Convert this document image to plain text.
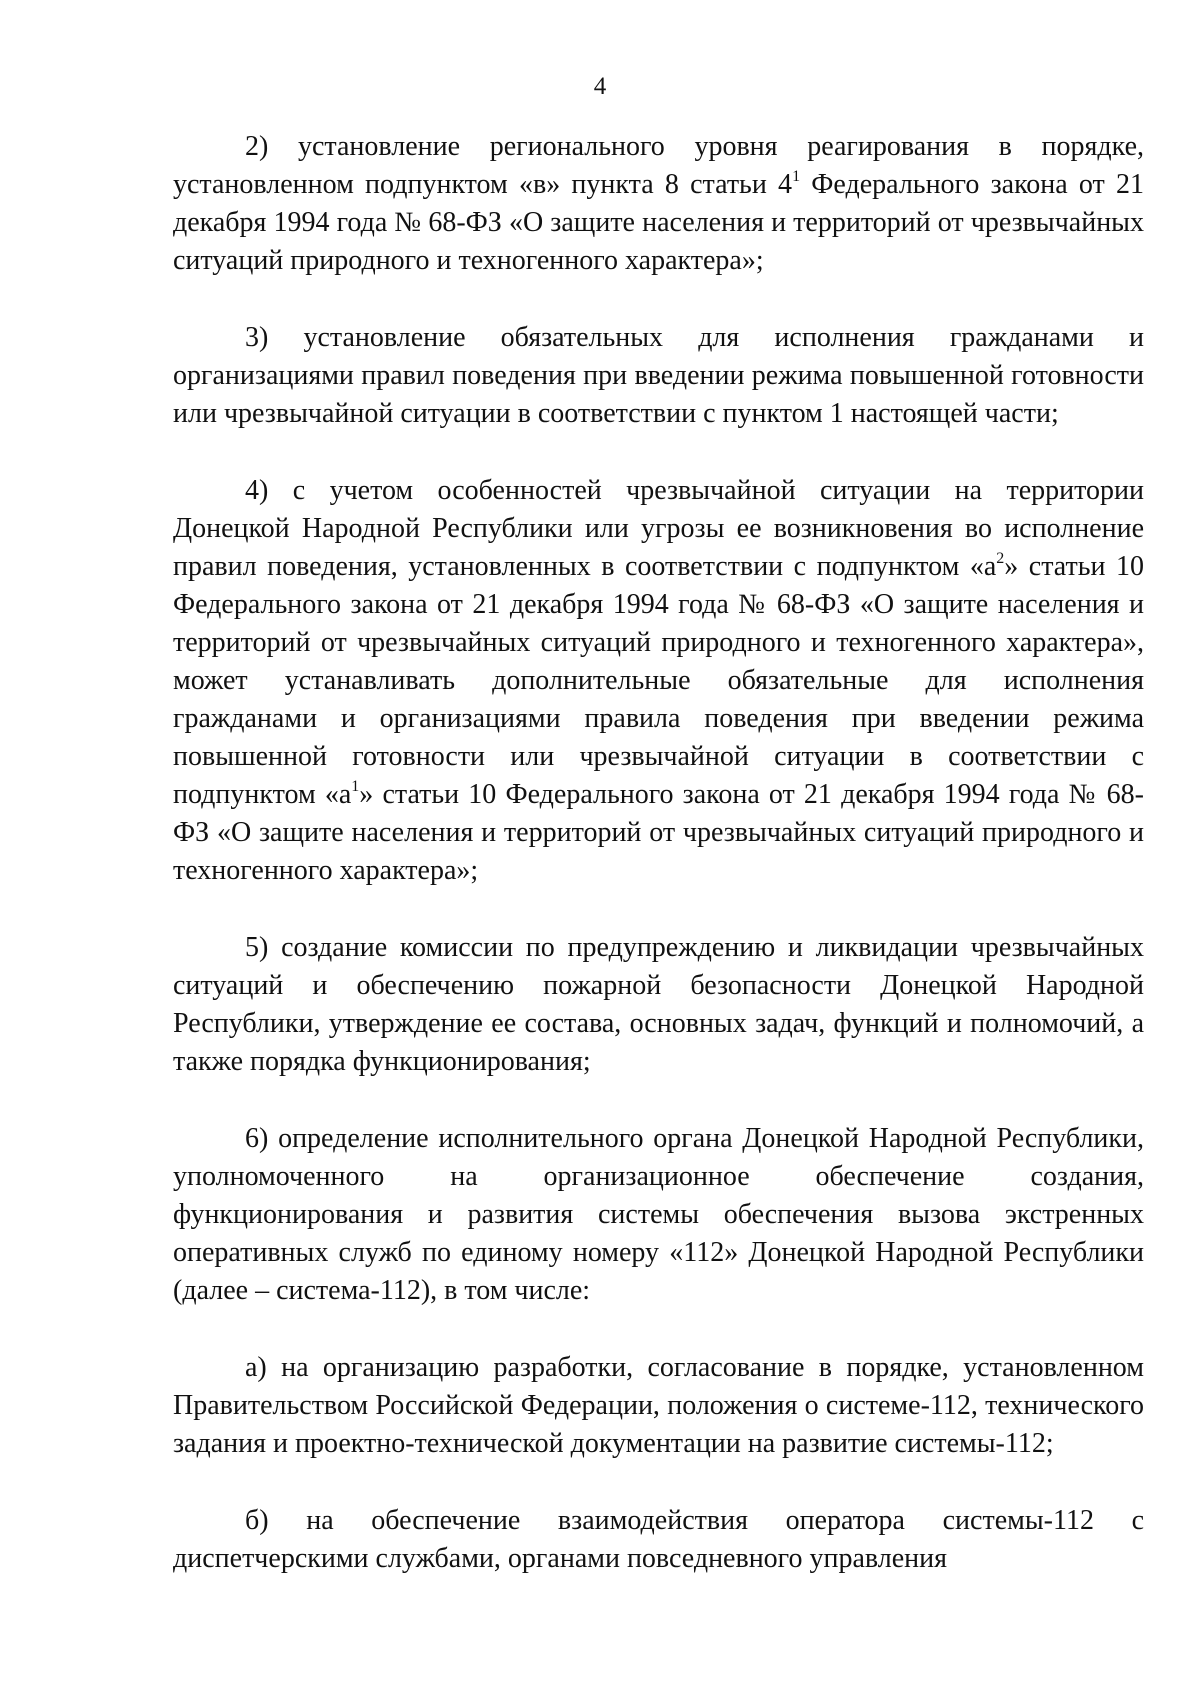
4

2) установление регионального уровня реагирования в порядке, установленном подпунктом «в» пункта 8 статьи $4^1$ Федерального закона от 21 декабря 1994 года № 68-ФЗ «О защите населения и территорий от чрезвычайных ситуаций природного и техногенного характера»;

3) установление обязательных для исполнения гражданами и организациями правил поведения при введении режима повышенной готовности или чрезвычайной ситуации в соответствии с пунктом 1 настоящей части;

4) с учетом особенностей чрезвычайной ситуации на территории Донецкой Народной Республики или угрозы ее возникновения во исполнение правил поведения, установленных в соответствии с подпунктом «$а^2$» статьи 10 Федерального закона от 21 декабря 1994 года № 68-ФЗ «О защите населения и территорий от чрезвычайных ситуаций природного и техногенного характера», может устанавливать дополнительные обязательные для исполнения гражданами и организациями правила поведения при введении режима повышенной готовности или чрезвычайной ситуации в соответствии с подпунктом «$а^1$» статьи 10 Федерального закона от 21 декабря 1994 года № 68-ФЗ «О защите населения и территорий от чрезвычайных ситуаций природного и техногенного характера»;

5) создание комиссии по предупреждению и ликвидации чрезвычайных ситуаций и обеспечению пожарной безопасности Донецкой Народной Республики, утверждение ее состава, основных задач, функций и полномочий, а также порядка функционирования;

6) определение исполнительного органа Донецкой Народной Республики, уполномоченного на организационное обеспечение создания, функционирования и развития системы обеспечения вызова экстренных оперативных служб по единому номеру «112» Донецкой Народной Республики (далее – система-112), в том числе:

а) на организацию разработки, согласование в порядке, установленном Правительством Российской Федерации, положения о системе-112, технического задания и проектно-технической документации на развитие системы-112;

б) на обеспечение взаимодействия оператора системы-112 с диспетчерскими службами, органами повседневного управления
